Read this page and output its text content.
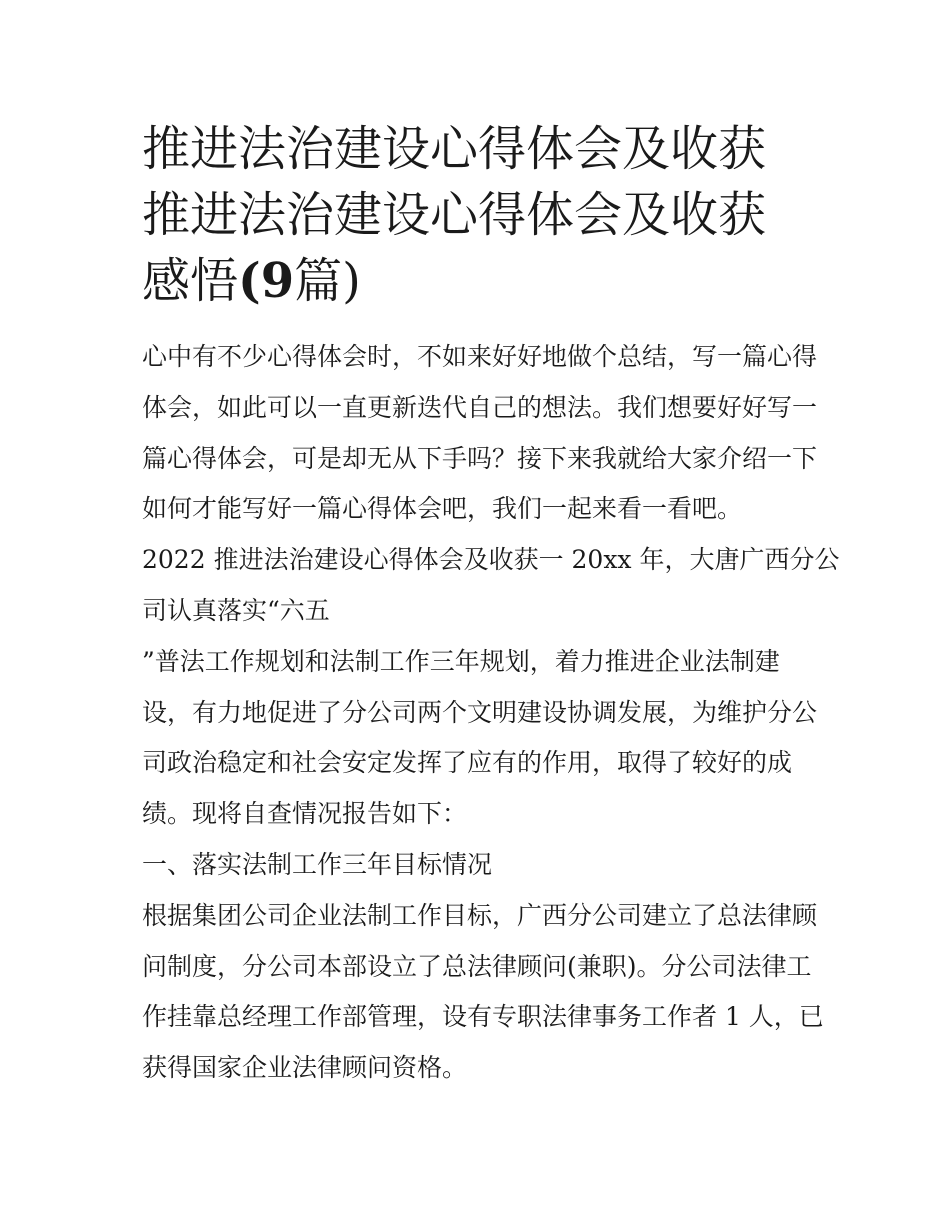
推进法治建设心得体会及收获
推进法治建设心得体会及收获
感悟(9篇)
心中有不少心得体会时，不如来好好地做个总结，写一篇心得
体会，如此可以一直更新迭代自己的想法。我们想要好好写一
篇心得体会，可是却无从下手吗？接下来我就给大家介绍一下
如何才能写好一篇心得体会吧，我们一起来看一看吧。
2022 推进法治建设心得体会及收获一 20xx 年，大唐广西分公
司认真落实“六五
”普法工作规划和法制工作三年规划，着力推进企业法制建
设，有力地促进了分公司两个文明建设协调发展，为维护分公
司政治稳定和社会安定发挥了应有的作用，取得了较好的成
绩。现将自查情况报告如下：
一、落实法制工作三年目标情况
根据集团公司企业法制工作目标，广西分公司建立了总法律顾
问制度，分公司本部设立了总法律顾问(兼职)。分公司法律工
作挂靠总经理工作部管理，设有专职法律事务工作者 1 人，已
获得国家企业法律顾问资格。
